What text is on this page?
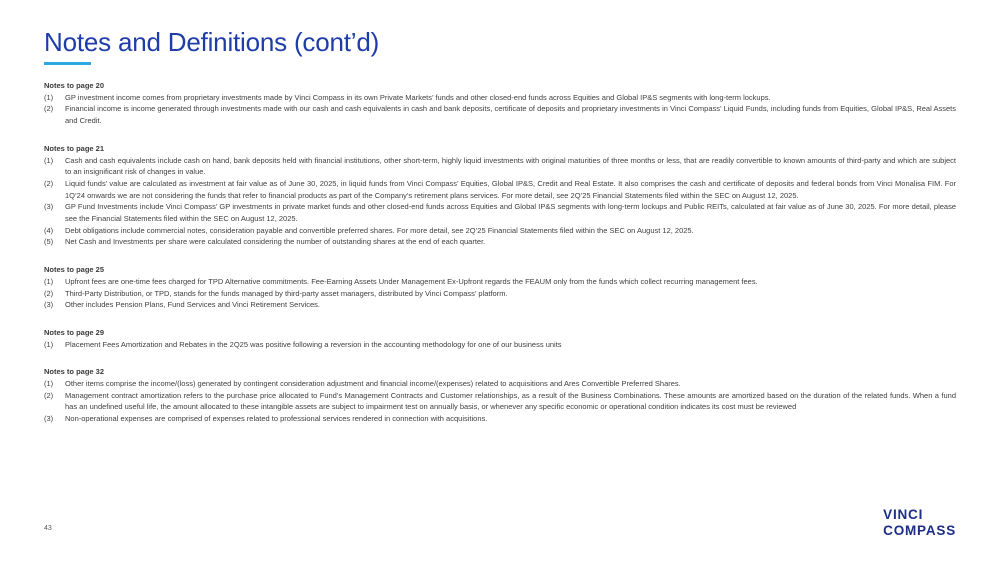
Notes and Definitions (cont’d)
Notes to page 20
(1) GP investment income comes from proprietary investments made by Vinci Compass in its own Private Markets’ funds and other closed-end funds across Equities and Global IP&S segments with long-term lockups.
(2) Financial income is income generated through investments made with our cash and cash equivalents in cash and bank deposits, certificate of deposits and proprietary investments in Vinci Compass’ Liquid Funds, including funds from Equities, Global IP&S, Real Assets and Credit.
Notes to page 21
(1) Cash and cash equivalents include cash on hand, bank deposits held with financial institutions, other short-term, highly liquid investments with original maturities of three months or less, that are readily convertible to known amounts of third-party and which are subject to an insignificant risk of changes in value.
(2) Liquid funds’ value are calculated as investment at fair value as of June 30, 2025, in liquid funds from Vinci Compass’ Equities, Global IP&S, Credit and Real Estate. It also comprises the cash and certificate of deposits and federal bonds from Vinci Monalisa FIM. For 1Q’24 onwards we are not considering the funds that refer to financial products as part of the Company’s retirement plans services. For more detail, see 2Q’25 Financial Statements filed within the SEC on August 12, 2025.
(3) GP Fund Investments include Vinci Compass’ GP investments in private market funds and other closed-end funds across Equities and Global IP&S segments with long-term lockups and Public REITs, calculated at fair value as of June 30, 2025. For more detail, please see the Financial Statements filed within the SEC on August 12, 2025.
(4) Debt obligations include commercial notes, consideration payable and convertible preferred shares. For more detail, see 2Q’25 Financial Statements filed within the SEC on August 12, 2025.
(5) Net Cash and Investments per share were calculated considering the number of outstanding shares at the end of each quarter.
Notes to page 25
(1) Upfront fees are one-time fees charged for TPD Alternative commitments. Fee-Earning Assets Under Management Ex-Upfront regards the FEAUM only from the funds which collect recurring management fees.
(2) Third-Party Distribution, or TPD, stands for the funds managed by third-party asset managers, distributed by Vinci Compass’ platform.
(3) Other includes Pension Plans, Fund Services and Vinci Retirement Services.
Notes to page 29
(1) Placement Fees Amortization and Rebates in the 2Q25 was positive following a reversion in the accounting methodology for one of our business units
Notes to page 32
(1) Other items comprise the income/(loss) generated by contingent consideration adjustment and financial income/(expenses) related to acquisitions and Ares Convertible Preferred Shares.
(2) Management contract amortization refers to the purchase price allocated to Fund’s Management Contracts and Customer relationships, as a result of the Business Combinations. These amounts are amortized based on the duration of the related funds. When a fund has an undefined useful life, the amount allocated to these intangible assets are subject to impairment test on annually basis, or whenever any specific economic or operational condition indicates its cost must be reviewed
(3) Non-operational expenses are comprised of expenses related to professional services rendered in connection with acquisitions.
43
VINCI
COMPASS
